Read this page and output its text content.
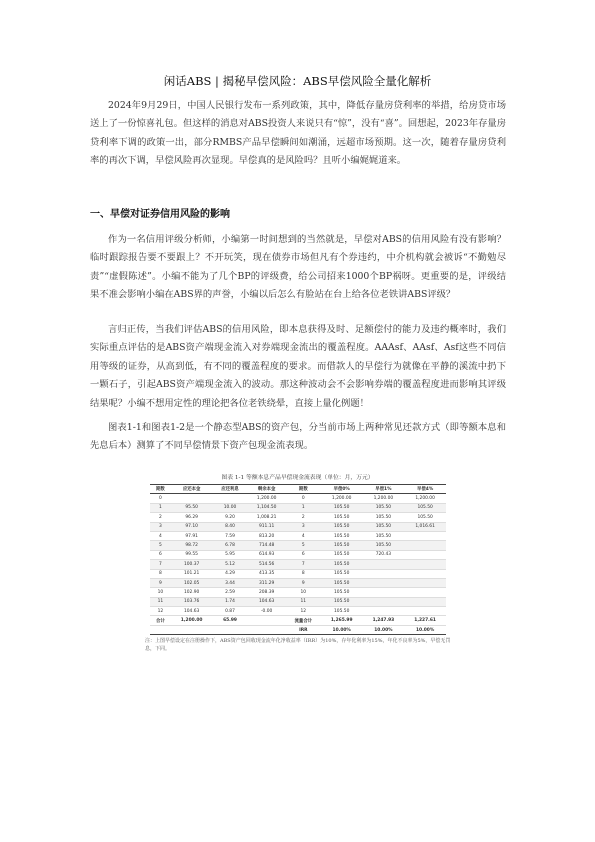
闲话ABS | 揭秘早偿风险：ABS早偿风险全量化解析

2024年9月29日，中国人民银行发布一系列政策，其中，降低存量房贷利率的举措，给房贷市场送上了一份惊喜礼包。但这样的消息对ABS投资人来说只有“惊”，没有“喜”。回想起，2023年存量房贷利率下调的政策一出，部分RMBS产品早偿瞬间如潮涌，远超市场预期。这一次，随着存量房贷利率的再次下调，早偿风险再次显现。早偿真的是风险吗？且听小编娓娓道来。

一、早偿对证券信用风险的影响

作为一名信用评级分析师，小编第一时间想到的当然就是，早偿对ABS的信用风险有没有影响？临时跟踪报告要不要跟上？不开玩笑，现在债券市场但凡有个券违约，中介机构就会被诉“不勤勉尽责”“虚假陈述”。小编不能为了几个BP的评级费，给公司招来1000个BP祸呀。更重要的是，评级结果不准会影响小编在ABS界的声誉，小编以后怎么有脸站在台上给各位老铁讲ABS评级？

言归正传，当我们评估ABS的信用风险，即本息获得及时、足额偿付的能力及违约概率时，我们实际重点评估的是ABS资产端现金流入对券端现金流出的覆盖程度。AAAsf、AAsf、Asf这些不同信用等级的证券，从高到低，有不同的覆盖程度的要求。而借款人的早偿行为就像在平静的溪流中扔下一颗石子，引起ABS资产端现金流入的波动。那这种波动会不会影响券端的覆盖程度进而影响其评级结果呢？小编不想用定性的理论把各位老铁绕晕，直接上量化例题！

图表1-1和图表1-2是一个静态型ABS的资产包，分当前市场上两种常见还款方式（即等额本息和先息后本）测算了不同早偿情景下资产包现金流表现。

图表 1-1 等额本息产品早偿现金流表现（单位：月，万元）
期数	应还本金	应还利息	剩余本金	期数	早偿0%	早偿1%	早偿4%
0			1,200.00	0	1,200.00	1,200.00	1,200.00
1	95.50	10.00	1,104.50	1	105.50	105.50	105.50
2	96.29	9.20	1,008.21	2	105.50	105.50	105.50
3	97.10	8.40	911.11	3	105.50	105.50	1,016.61
4	97.91	7.59	813.20	4	105.50	105.50	
5	98.72	6.78	714.48	5	105.50	105.50	
6	99.55	5.95	614.93	6	105.50	720.43	
7	100.37	5.12	514.56	7	105.50		
8	101.21	4.29	413.35	8	105.50		
9	102.05	3.44	311.29	9	105.50		
10	102.90	2.59	208.39	10	105.50		
11	103.76	1.74	104.63	11	105.50		
12	104.63	0.87	-0.00	12	105.50		
合计	1,200.00	65.99		流量合计	1,265.99	1,247.93	1,227.61
				IRR	10.00%	10.00%	10.00%
注：上图早偿设定在注册操作下，ABS资产包回收现金流年化净收益率（IRR）为10%，存年化利率为15%，年化不良率为5%，早偿无罚息，下同。
